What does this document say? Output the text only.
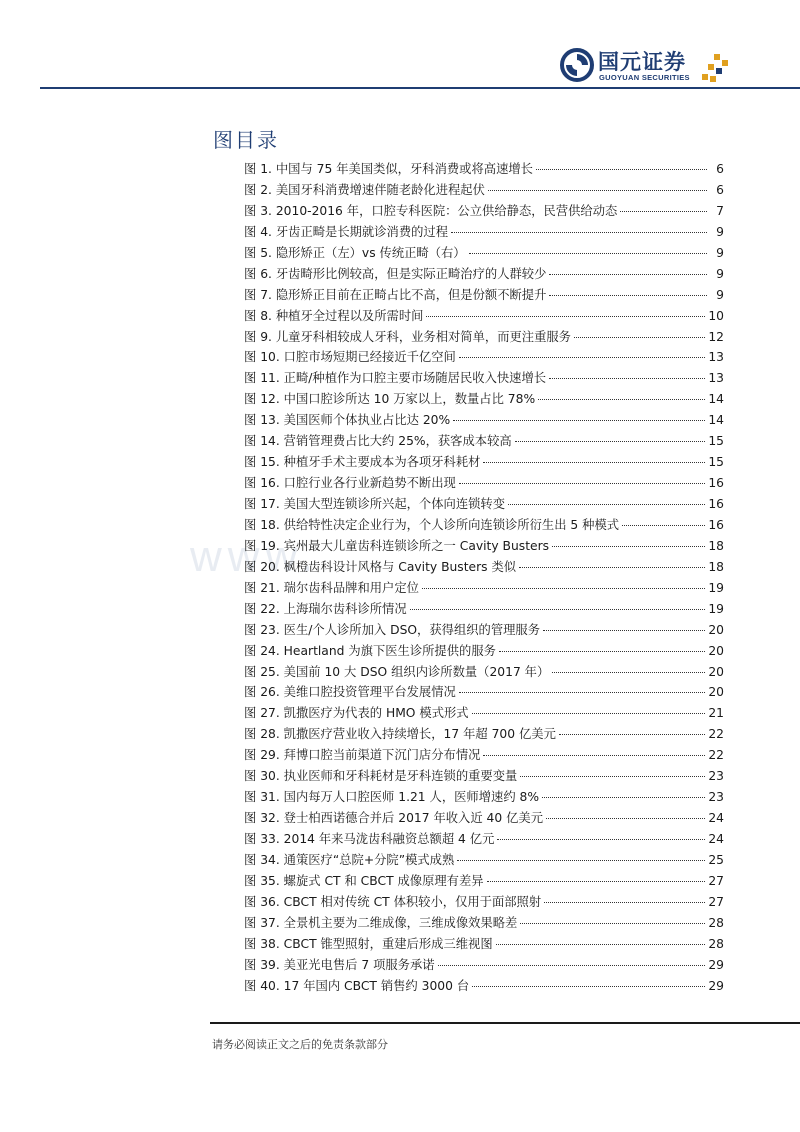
国元证券
GUOYUAN SECURITIES
www.
图目录
图 1. 中国与 75 年美国类似，牙科消费或将高速增长	6
图 2. 美国牙科消费增速伴随老龄化进程起伏	6
图 3. 2010-2016 年，口腔专科医院：公立供给静态，民营供给动态	7
图 4. 牙齿正畸是长期就诊消费的过程	9
图 5. 隐形矫正（左）vs 传统正畸（右）	9
图 6. 牙齿畸形比例较高，但是实际正畸治疗的人群较少	9
图 7. 隐形矫正目前在正畸占比不高，但是份额不断提升	9
图 8. 种植牙全过程以及所需时间	10
图 9. 儿童牙科相较成人牙科，业务相对简单，而更注重服务	12
图 10. 口腔市场短期已经接近千亿空间	13
图 11. 正畸/种植作为口腔主要市场随居民收入快速增长	13
图 12. 中国口腔诊所达 10 万家以上，数量占比 78%	14
图 13. 美国医师个体执业占比达 20%	14
图 14. 营销管理费占比大约 25%，获客成本较高	15
图 15. 种植牙手术主要成本为各项牙科耗材	15
图 16. 口腔行业各行业新趋势不断出现	16
图 17. 美国大型连锁诊所兴起，个体向连锁转变	16
图 18. 供给特性决定企业行为，个人诊所向连锁诊所衍生出 5 种模式	16
图 19. 宾州最大儿童齿科连锁诊所之一 Cavity Busters	18
图 20. 枫橙齿科设计风格与 Cavity Busters 类似	18
图 21. 瑞尔齿科品牌和用户定位	19
图 22. 上海瑞尔齿科诊所情况	19
图 23. 医生/个人诊所加入 DSO，获得组织的管理服务	20
图 24. Heartland 为旗下医生诊所提供的服务	20
图 25. 美国前 10 大 DSO 组织内诊所数量（2017 年）	20
图 26. 美维口腔投资管理平台发展情况	20
图 27. 凯撒医疗为代表的 HMO 模式形式	21
图 28. 凯撒医疗营业收入持续增长，17 年超 700 亿美元	22
图 29. 拜博口腔当前渠道下沉门店分布情况	22
图 30. 执业医师和牙科耗材是牙科连锁的重要变量	23
图 31. 国内每万人口腔医师 1.21 人，医师增速约 8%	23
图 32. 登士柏西诺德合并后 2017 年收入近 40 亿美元	24
图 33. 2014 年来马泷齿科融资总额超 4 亿元	24
图 34. 通策医疗“总院+分院”模式成熟	25
图 35. 螺旋式 CT 和 CBCT 成像原理有差异	27
图 36. CBCT 相对传统 CT 体积较小，仅用于面部照射	27
图 37. 全景机主要为二维成像，三维成像效果略差	28
图 38. CBCT 锥型照射，重建后形成三维视图	28
图 39. 美亚光电售后 7 项服务承诺	29
图 40. 17 年国内 CBCT 销售约 3000 台	29
请务必阅读正文之后的免责条款部分
